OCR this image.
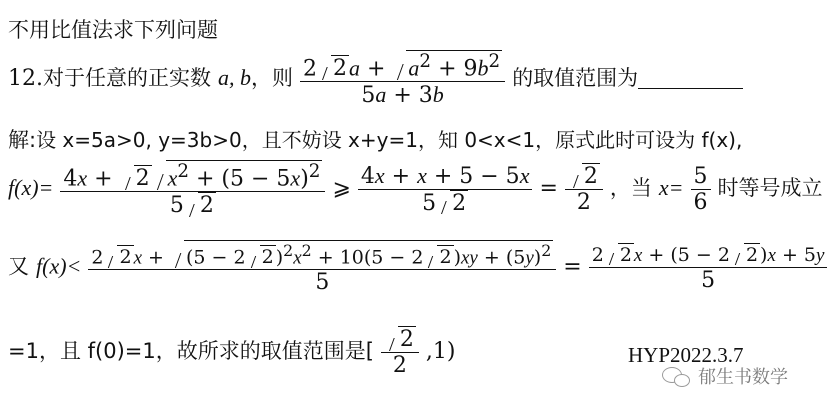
不用比值法求下列问题
12.对于任意的正实数 a, b，则 $\frac{2 2a + a^2 + 9b^2}{5a + 3b}$ 的取值范围为
解:设 x=5a>0, y=3b>0，且不妨设 x+y=1，知 0<x<1，原式此时可设为 f(x),
$f(x)= \frac{4x + 2 x^2 + (5 - 5x)^2}{5 2}$ ⩾ $\frac{4x + x + 5 - 5x}{5 2} = \frac{2}{2}$ ，当 $x= \frac{5}{6}$ 时等号成立
又 $f(x)< \frac{2 2 x + (5 - 2 2 )^2x^2 + 10(5 - 2 2 )xy + (5y)^2}{5} = \frac{2 2 x + (5 - 2 2 )x + 5y}{5}$
=1，且 f(0)=1，故所求的取值范围是[ $\frac{2}{2} ,1$)	HYP2022.3.7
郁生书数学
